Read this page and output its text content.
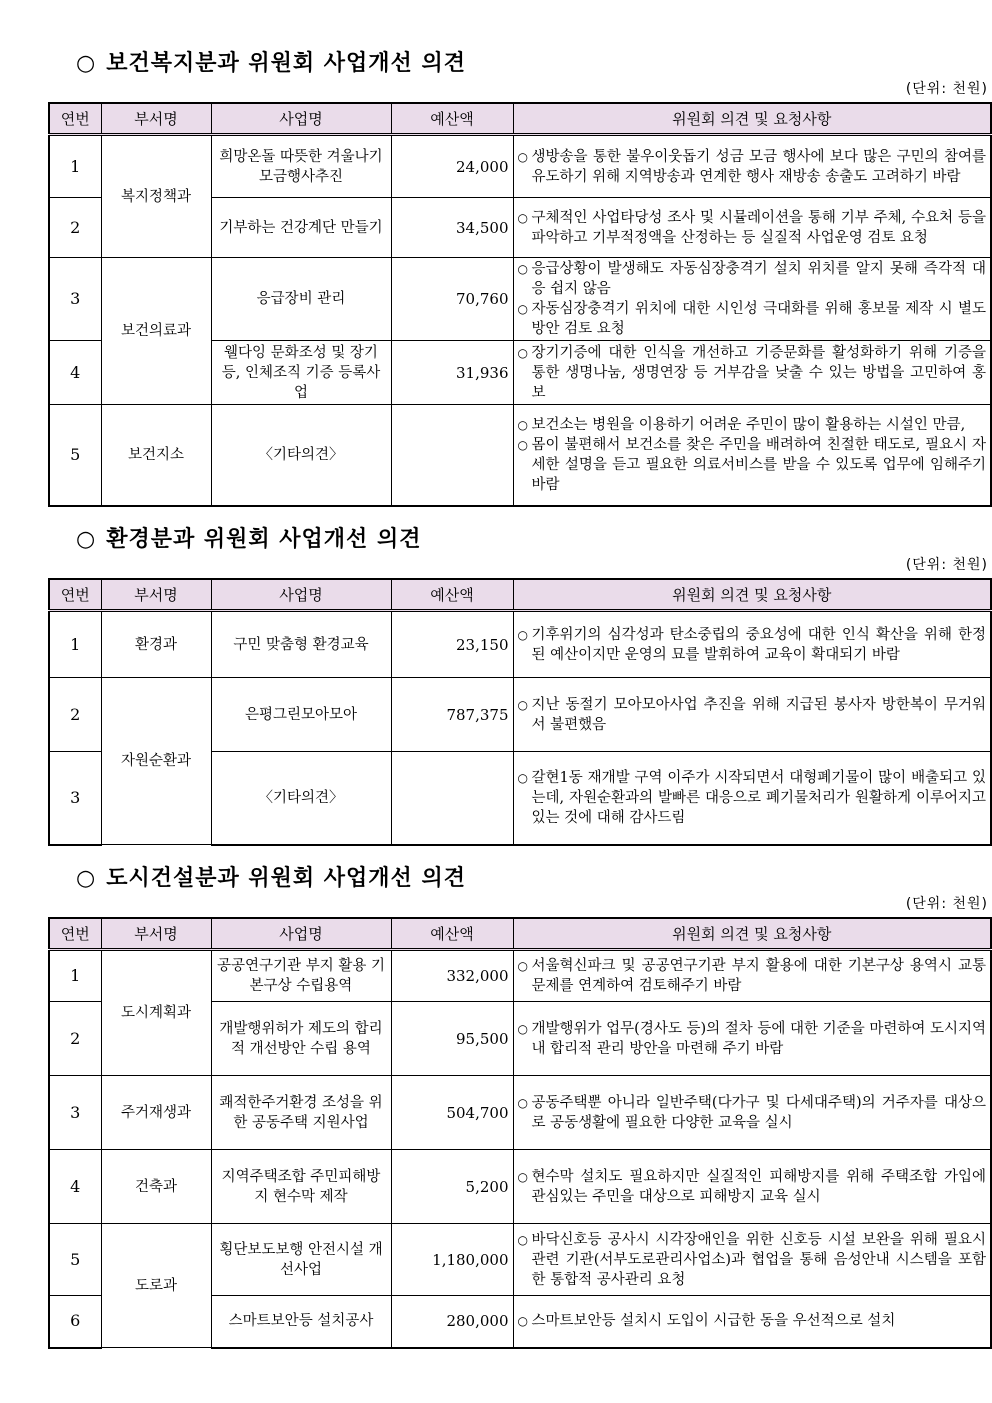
○ 보건복지분과 위원회 사업개선 의견
(단위: 천원)
연번	부서명	사업명	예산액	위원회 의견 및 요청사항
1	복지정책과	희망온돌 따뜻한 겨울나기 모금행사추진	24,000	○ 생방송을 통한 불우이웃돕기 성금 모금 행사에 보다 많은 구민의 참여를 유도하기 위해 지역방송과 연계한 행사 재방송 송출도 고려하기 바람

2		기부하는 건강계단 만들기	34,500	○ 구체적인 사업타당성 조사 및 시뮬레이션을 통해 기부 주체, 수요처 등을 파악하고 기부적정액을 산정하는 등 실질적 사업운영 검토 요청

3	보건의료과	응급장비 관리	70,760	○ 응급상황이 발생해도 자동심장충격기 설치 위치를 알지 못해 즉각적 대응 쉽지 않음
○ 자동심장충격기 위치에 대한 시인성 극대화를 위해 홍보물 제작 시 별도 방안 검토 요청

4		웰다잉 문화조성 및 장기등, 인체조직 기증 등록사업	31,936	○ 장기기증에 대한 인식을 개선하고 기증문화를 활성화하기 위해 기증을 통한 생명나눔, 생명연장 등 거부감을 낮출 수 있는 방법을 고민하여 홍보

5	보건지소	〈기타의견〉		○ 보건소는 병원을 이용하기 어려운 주민이 많이 활용하는 시설인 만큼,
○ 몸이 불편해서 보건소를 찾은 주민을 배려하여 친절한 태도로, 필요시 자세한 설명을 듣고 필요한 의료서비스를 받을 수 있도록 업무에 임해주기 바람
○ 환경분과 위원회 사업개선 의견
(단위: 천원)
연번	부서명	사업명	예산액	위원회 의견 및 요청사항
1	환경과	구민 맞춤형 환경교육	23,150	○ 기후위기의 심각성과 탄소중립의 중요성에 대한 인식 확산을 위해 한정된 예산이지만 운영의 묘를 발휘하여 교육이 확대되기 바람

2	자원순환과	은평그린모아모아	787,375	○ 지난 동절기 모아모아사업 추진을 위해 지급된 봉사자 방한복이 무거워서 불편했음

3		〈기타의견〉		○ 갈현1동 재개발 구역 이주가 시작되면서 대형폐기물이 많이 배출되고 있는데, 자원순환과의 발빠른 대응으로 폐기물처리가 원활하게 이루어지고 있는 것에 대해 감사드림
○ 도시건설분과 위원회 사업개선 의견
(단위: 천원)
연번	부서명	사업명	예산액	위원회 의견 및 요청사항
1	도시계획과	공공연구기관 부지 활용 기본구상 수립용역	332,000	○ 서울혁신파크 및 공공연구기관 부지 활용에 대한 기본구상 용역시 교통문제를 연계하여 검토해주기 바람

2		개발행위허가 제도의 합리적 개선방안 수립 용역	95,500	○ 개발행위가 업무(경사도 등)의 절차 등에 대한 기준을 마련하여 도시지역 내 합리적 관리 방안을 마련해 주기 바람

3	주거재생과	쾌적한주거환경 조성을 위한 공동주택 지원사업	504,700	○ 공동주택뿐 아니라 일반주택(다가구 및 다세대주택)의 거주자를 대상으로 공동생활에 필요한 다양한 교육을 실시

4	건축과	지역주택조합 주민피해방지 현수막 제작	5,200	○ 현수막 설치도 필요하지만 실질적인 피해방지를 위해 주택조합 가입에 관심있는 주민을 대상으로 피해방지 교육 실시

5	도로과	횡단보도보행 안전시설 개선사업	1,180,000	○ 바닥신호등 공사시 시각장애인을 위한 신호등 시설 보완을 위해 필요시 관련 기관(서부도로관리사업소)과 협업을 통해 음성안내 시스템을 포함한 통합적 공사관리 요청

6		스마트보안등 설치공사	280,000	○ 스마트보안등 설치시 도입이 시급한 동을 우선적으로 설치
